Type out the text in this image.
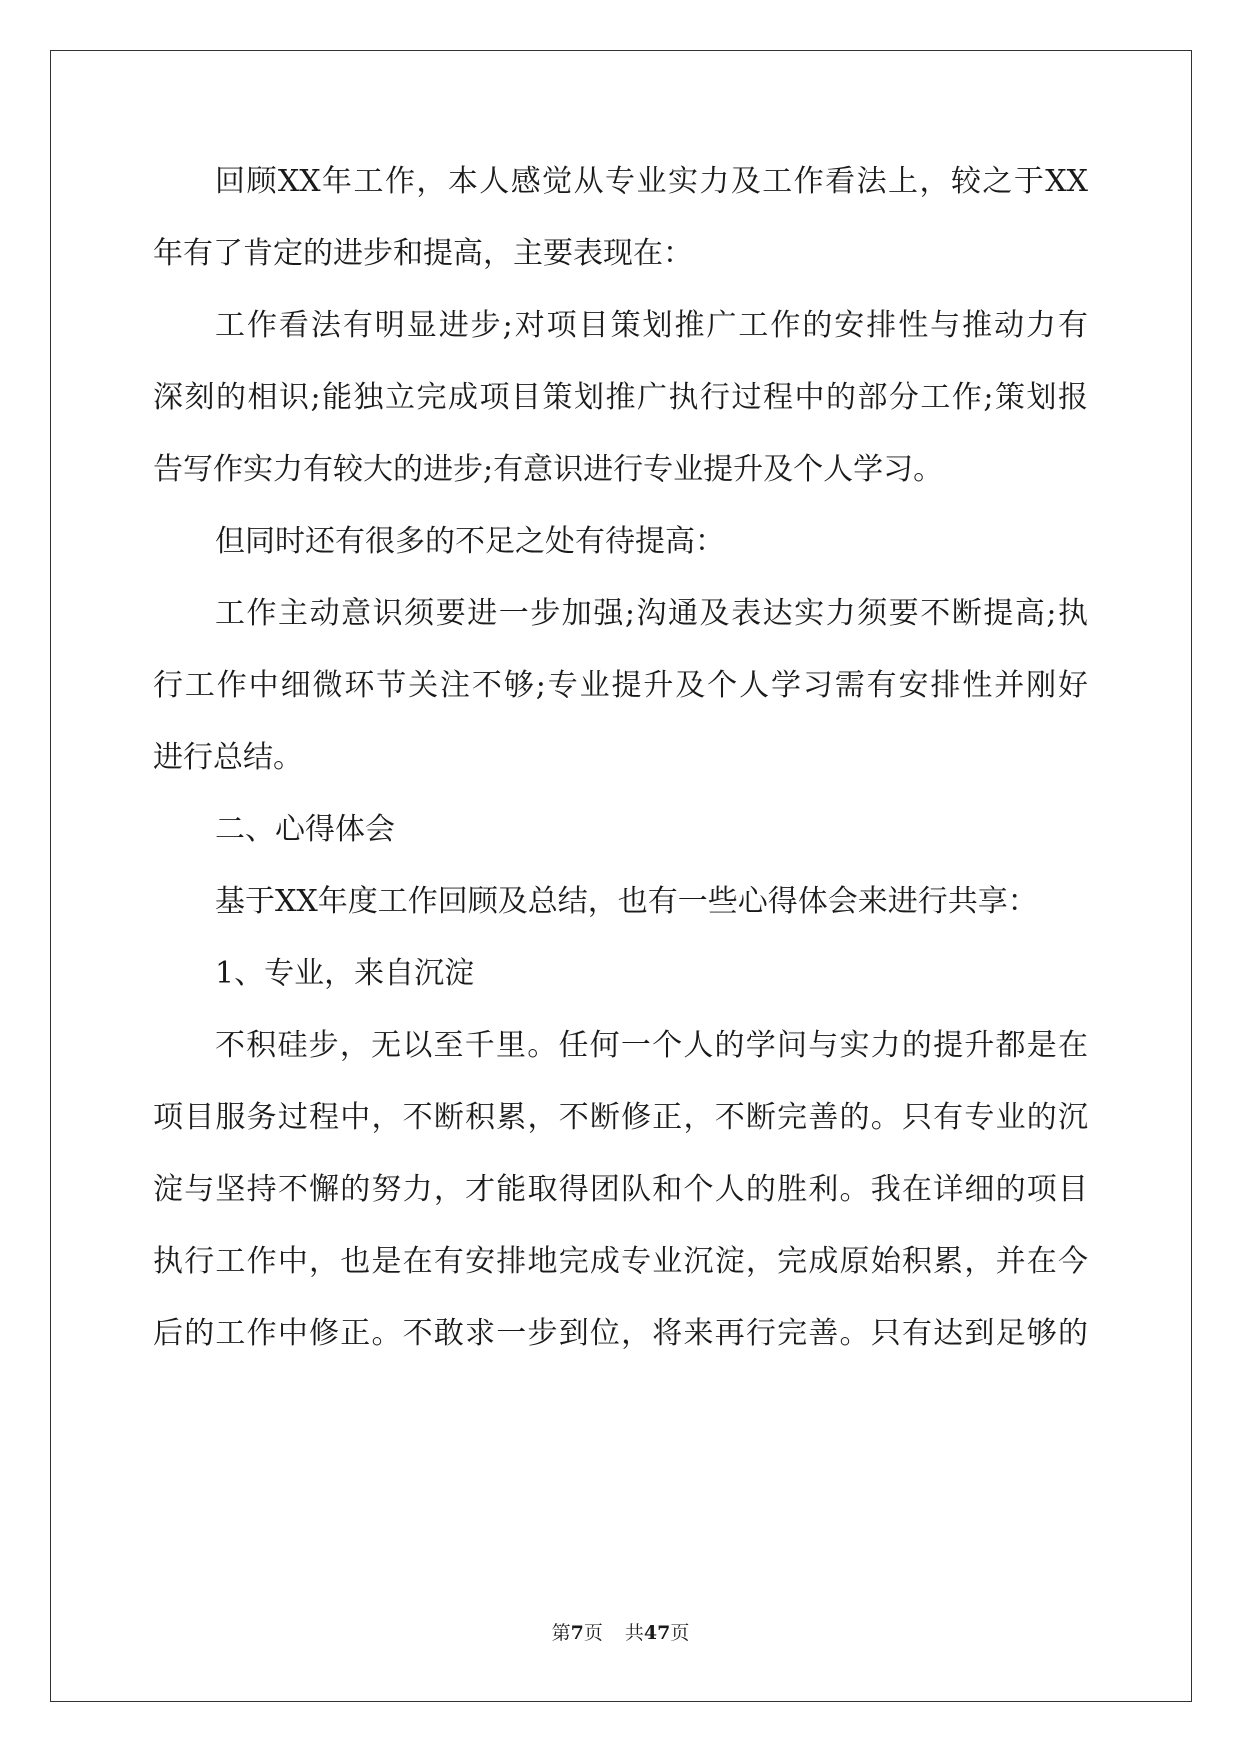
回顾XX年工作，本人感觉从专业实力及工作看法上，较之于XX
年有了肯定的进步和提高，主要表现在：
工作看法有明显进步;对项目策划推广工作的安排性与推动力有
深刻的相识;能独立完成项目策划推广执行过程中的部分工作;策划报
告写作实力有较大的进步;有意识进行专业提升及个人学习。
但同时还有很多的不足之处有待提高：
工作主动意识须要进一步加强;沟通及表达实力须要不断提高;执
行工作中细微环节关注不够;专业提升及个人学习需有安排性并刚好
进行总结。
二、心得体会
基于XX年度工作回顾及总结，也有一些心得体会来进行共享：
1、专业，来自沉淀
不积硅步，无以至千里。任何一个人的学问与实力的提升都是在
项目服务过程中，不断积累，不断修正，不断完善的。只有专业的沉
淀与坚持不懈的努力，才能取得团队和个人的胜利。我在详细的项目
执行工作中，也是在有安排地完成专业沉淀，完成原始积累，并在今
后的工作中修正。不敢求一步到位，将来再行完善。只有达到足够的
第7页 共47页
